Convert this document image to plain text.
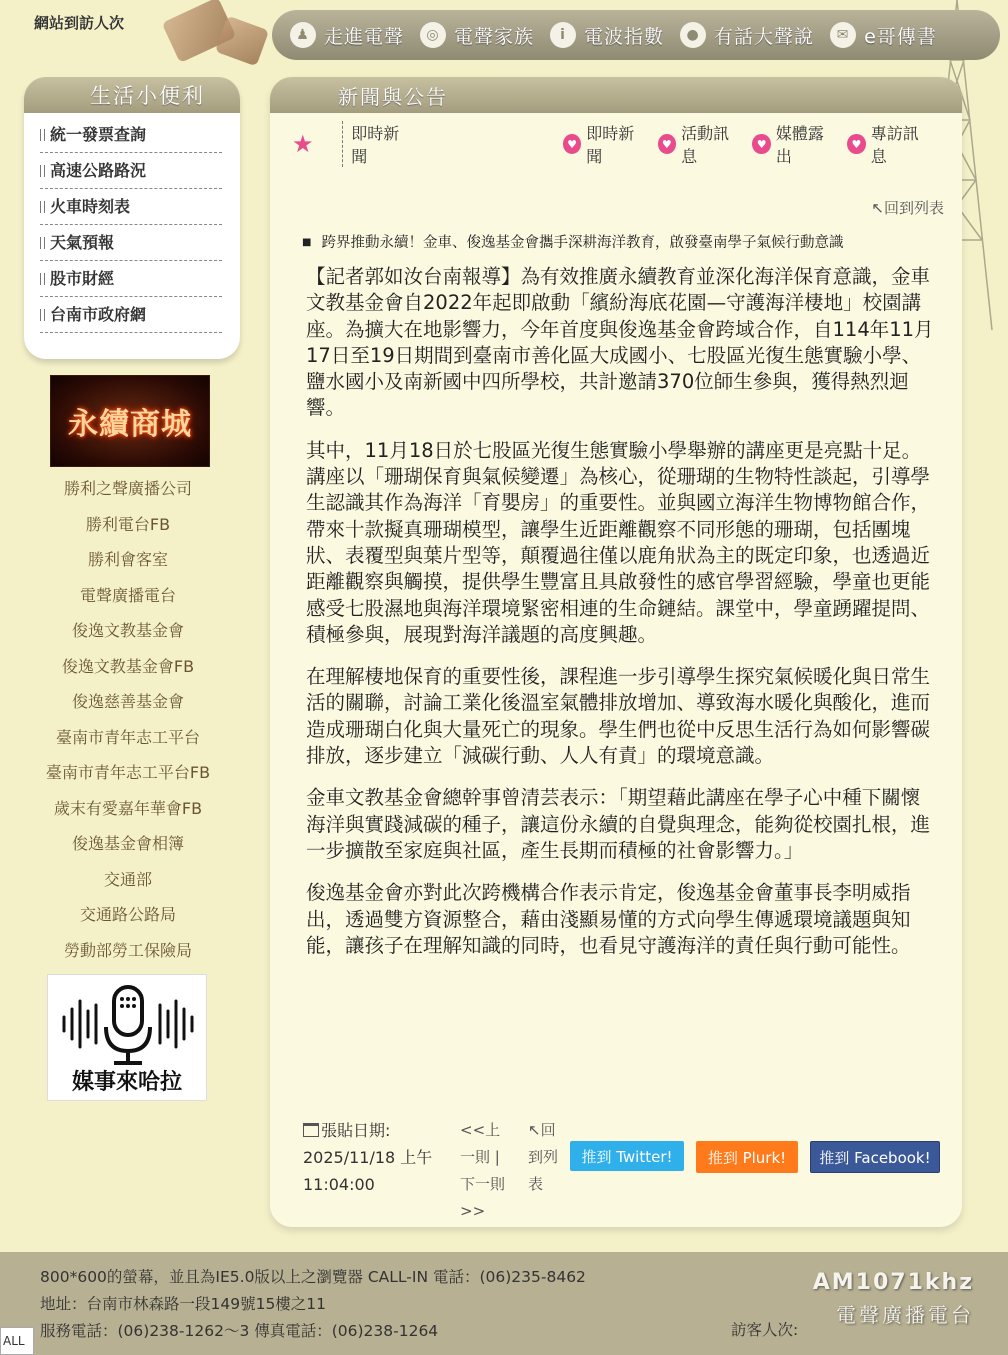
網站到訪人次
♟ 走進電聲	◎ 電聲家族	i 電波指數	● 有話大聲說	✉ e哥傳書
生活小便利
統一發票查詢
高速公路路況
火車時刻表
天氣預報
股市財經
台南市政府網
永續商城
勝利之聲廣播公司
勝利電台FB
勝利會客室
電聲廣播電台
俊逸文教基金會
俊逸文教基金會FB
俊逸慈善基金會
臺南市青年志工平台
臺南市青年志工平台FB
歲末有愛嘉年華會FB
俊逸基金會相簿
交通部
交通路公路局
勞動部勞工保險局
媒事來哈拉
新聞與公告
★	即時新聞
♥
即時新聞
♥
活動訊息
♥
媒體露出
♥
專訪訊息
↖回到列表
■ 跨界推動永續！金車、俊逸基金會攜手深耕海洋教育，啟發臺南學子氣候行動意識

【記者郭如汝台南報導】為有效推廣永續教育並深化海洋保育意識，金車文教基金會自2022年起即啟動「繽紛海底花園—守護海洋棲地」校園講座。為擴大在地影響力，今年首度與俊逸基金會跨域合作，自114年11月17日至19日期間到臺南市善化區大成國小、七股區光復生態實驗小學、鹽水國小及南新國中四所學校，共計邀請370位師生參與，獲得熱烈迴響。

其中，11月18日於七股區光復生態實驗小學舉辦的講座更是亮點十足。講座以「珊瑚保育與氣候變遷」為核心，從珊瑚的生物特性談起，引導學生認識其作為海洋「育嬰房」的重要性。並與國立海洋生物博物館合作，帶來十款擬真珊瑚模型，讓學生近距離觀察不同形態的珊瑚，包括團塊狀、表覆型與葉片型等，顛覆過往僅以鹿角狀為主的既定印象，也透過近距離觀察與觸摸，提供學生豐富且具啟發性的感官學習經驗，學童也更能感受七股濕地與海洋環境緊密相連的生命鏈結。課堂中，學童踴躍提問、積極參與，展現對海洋議題的高度興趣。

在理解棲地保育的重要性後，課程進一步引導學生探究氣候暖化與日常生活的關聯，討論工業化後溫室氣體排放增加、導致海水暖化與酸化，進而造成珊瑚白化與大量死亡的現象。學生們也從中反思生活行為如何影響碳排放，逐步建立「減碳行動、人人有責」的環境意識。

金車文教基金會總幹事曾清芸表示：「期望藉此講座在學子心中種下關懷海洋與實踐減碳的種子，讓這份永續的自覺與理念，能夠從校園扎根，進一步擴散至家庭與社區，產生長期而積極的社會影響力。」

俊逸基金會亦對此次跨機構合作表示肯定，俊逸基金會董事長李明威指出，透過雙方資源整合，藉由淺顯易懂的方式向學生傳遞環境議題與知能，讓孩子在理解知識的同時，也看見守護海洋的責任與行動可能性。

張貼日期:
2025/11/18 上午
11:04:00
<<上一則 | 下一則>>
↖回到列表
推到 Twitter!	推到 Plurk!	推到 Facebook!
800*600的螢幕，並且為IE5.0版以上之瀏覽器 CALL-IN 電話：(06)235-8462
地址：台南市林森路一段149號15樓之11
服務電話：(06)238-1262～3 傳真電話：(06)238-1264	訪客人次:
AM1071khz
電聲廣播電台
ALL
